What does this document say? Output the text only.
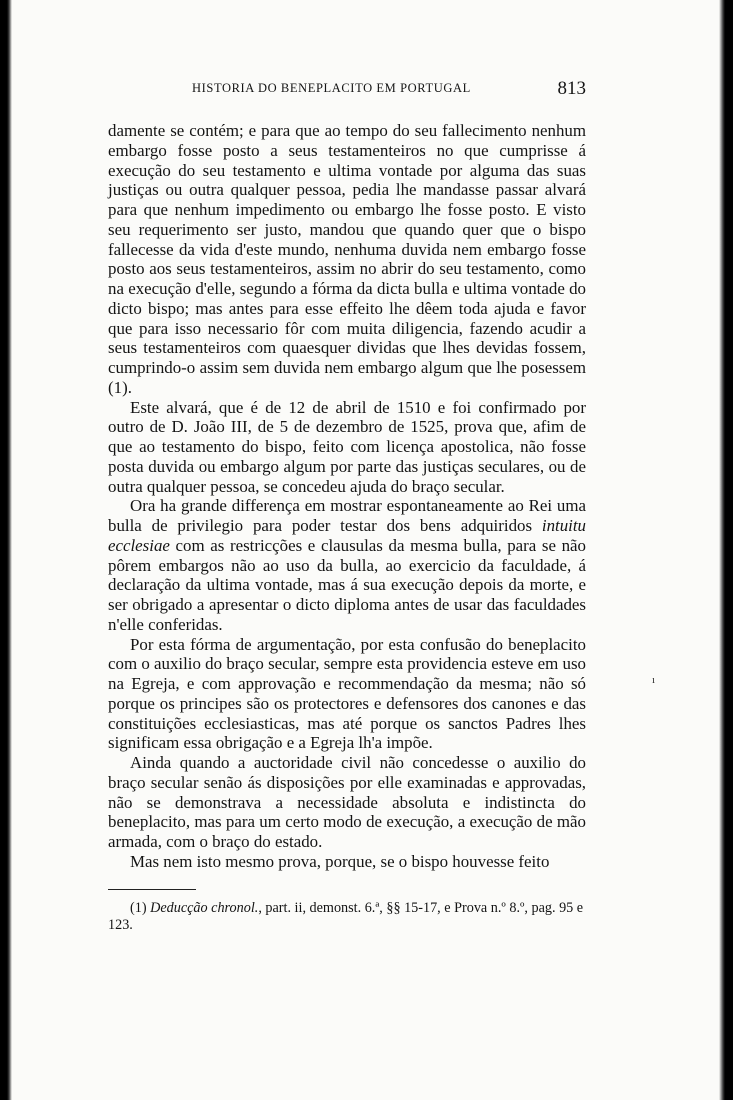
HISTORIA DO BENEPLACITO EM PORTUGAL	813

damente se contém; e para que ao tempo do seu fallecimento nenhum embargo fosse posto a seus testamenteiros no que cumprisse á execução do seu testamento e ultima vontade por alguma das suas justiças ou outra qualquer pessoa, pedia lhe mandasse passar alvará para que nenhum impedimento ou embargo lhe fosse posto. E visto seu requerimento ser justo, mandou que quando quer que o bispo fallecesse da vida d'este mundo, nenhuma duvida nem embargo fosse posto aos seus testamenteiros, assim no abrir do seu testamento, como na execução d'elle, segundo a fórma da dicta bulla e ultima vontade do dicto bispo; mas antes para esse effeito lhe dêem toda ajuda e favor que para isso necessario fôr com muita diligencia, fazendo acudir a seus testamenteiros com quaesquer dividas que lhes devidas fossem, cumprindo-o assim sem duvida nem embargo algum que lhe posessem (1).

Este alvará, que é de 12 de abril de 1510 e foi confirmado por outro de D. João III, de 5 de dezembro de 1525, prova que, afim de que ao testamento do bispo, feito com licença apostolica, não fosse posta duvida ou embargo algum por parte das justiças seculares, ou de outra qualquer pessoa, se concedeu ajuda do braço secular.

Ora ha grande differença em mostrar espontaneamente ao Rei uma bulla de privilegio para poder testar dos bens adquiridos intuitu ecclesiae com as restricções e clausulas da mesma bulla, para se não pôrem embargos não ao uso da bulla, ao exercicio da faculdade, á declaração da ultima vontade, mas á sua execução depois da morte, e ser obrigado a apresentar o dicto diploma antes de usar das faculdades n'elle conferidas.

Por esta fórma de argumentação, por esta confusão do beneplacito com o auxilio do braço secular, sempre esta providencia esteve em uso na Egreja, e com approvação e recommendação da mesma; não só porque os principes são os protectores e defensores dos canones e das constituições ecclesiasticas, mas até porque os sanctos Padres lhes significam essa obrigação e a Egreja lh'a impõe.

Ainda quando a auctoridade civil não concedesse o auxilio do braço secular senão ás disposições por elle examinadas e approvadas, não se demonstrava a necessidade absoluta e indistincta do beneplacito, mas para um certo modo de execução, a execução de mão armada, com o braço do estado.

Mas nem isto mesmo prova, porque, se o bispo houvesse feito

ı
(1) Deducção chronol., part. ii, demonst. 6.ª, §§ 15-17, e Prova n.º 8.º, pag. 95 e 123.
